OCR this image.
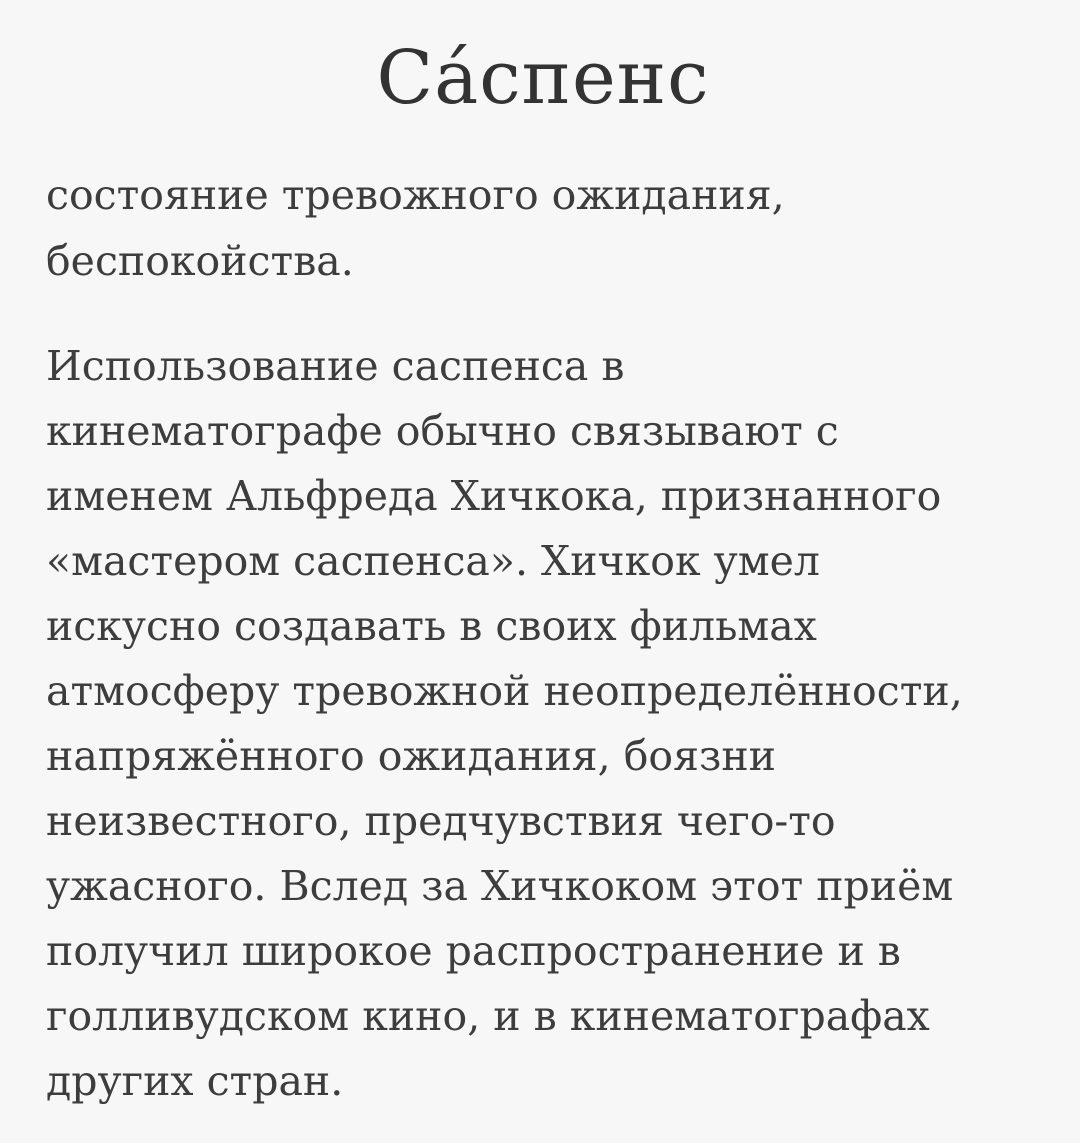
Са́спенс

состояние тревожного ожидания,
беспокойства.

Использование саспенса в
кинематографе обычно связывают с
именем Альфреда Хичкока, признанного
«мастером саспенса». Хичкок умел
искусно создавать в своих фильмах
атмосферу тревожной неопределённости,
напряжённого ожидания, боязни
неизвестного, предчувствия чего-то
ужасного. Вслед за Хичкоком этот приём
получил широкое распространение и в
голливудском кино, и в кинематографах
других стран.
